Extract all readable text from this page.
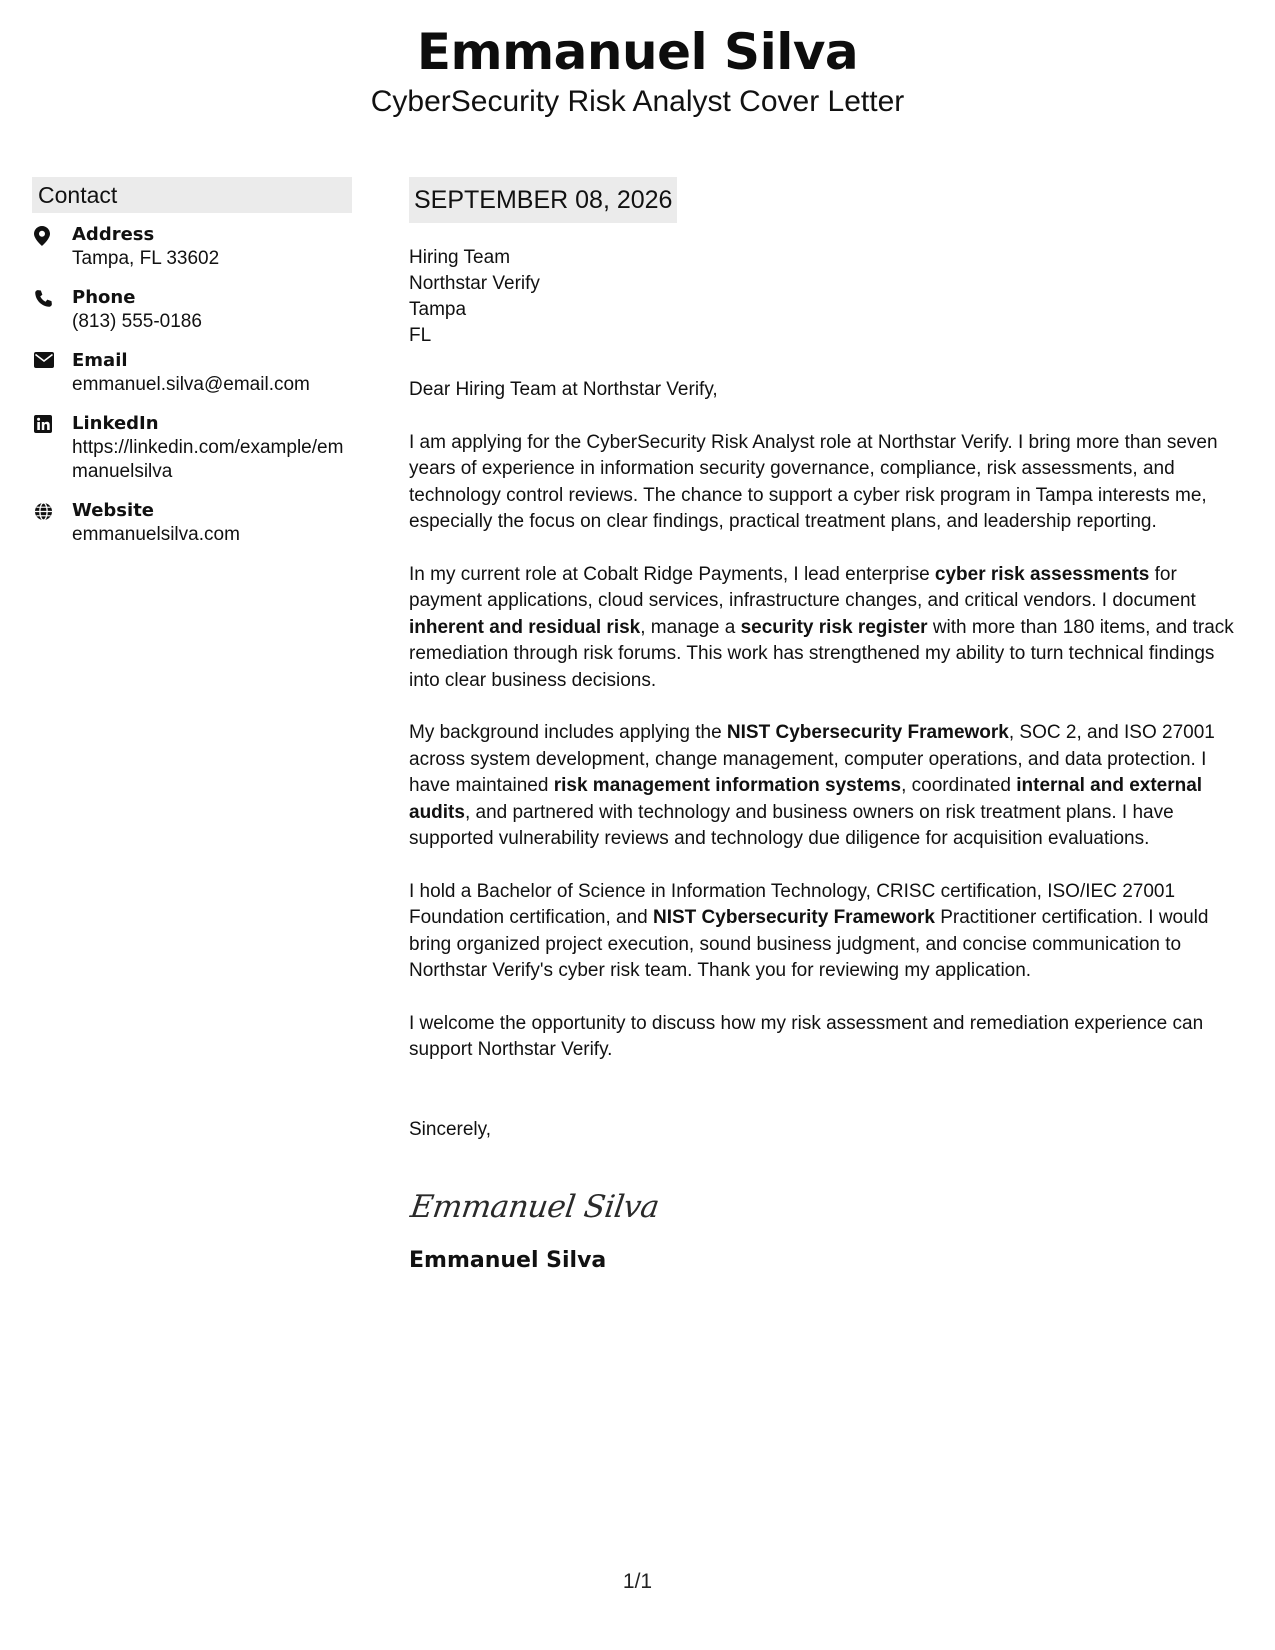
Emmanuel Silva
CyberSecurity Risk Analyst Cover Letter
Contact
Address
Tampa, FL 33602
Phone
(813) 555-0186
Email
emmanuel.silva@email.com
LinkedIn
https://linkedin.com/example/emmanuelsilva
Website
emmanuelsilva.com
SEPTEMBER 08, 2026
Hiring Team
Northstar Verify
Tampa
FL
Dear Hiring Team at Northstar Verify,
I am applying for the CyberSecurity Risk Analyst role at Northstar Verify. I bring more than seven years of experience in information security governance, compliance, risk assessments, and technology control reviews. The chance to support a cyber risk program in Tampa interests me, especially the focus on clear findings, practical treatment plans, and leadership reporting.
In my current role at Cobalt Ridge Payments, I lead enterprise cyber risk assessments for payment applications, cloud services, infrastructure changes, and critical vendors. I document inherent and residual risk, manage a security risk register with more than 180 items, and track remediation through risk forums. This work has strengthened my ability to turn technical findings into clear business decisions.
My background includes applying the NIST Cybersecurity Framework, SOC 2, and ISO 27001 across system development, change management, computer operations, and data protection. I have maintained risk management information systems, coordinated internal and external audits, and partnered with technology and business owners on risk treatment plans. I have supported vulnerability reviews and technology due diligence for acquisition evaluations.
I hold a Bachelor of Science in Information Technology, CRISC certification, ISO/IEC 27001 Foundation certification, and NIST Cybersecurity Framework Practitioner certification. I would bring organized project execution, sound business judgment, and concise communication to Northstar Verify's cyber risk team. Thank you for reviewing my application.
I welcome the opportunity to discuss how my risk assessment and remediation experience can support Northstar Verify.
Sincerely,
Emmanuel Silva
Emmanuel Silva
1/1
